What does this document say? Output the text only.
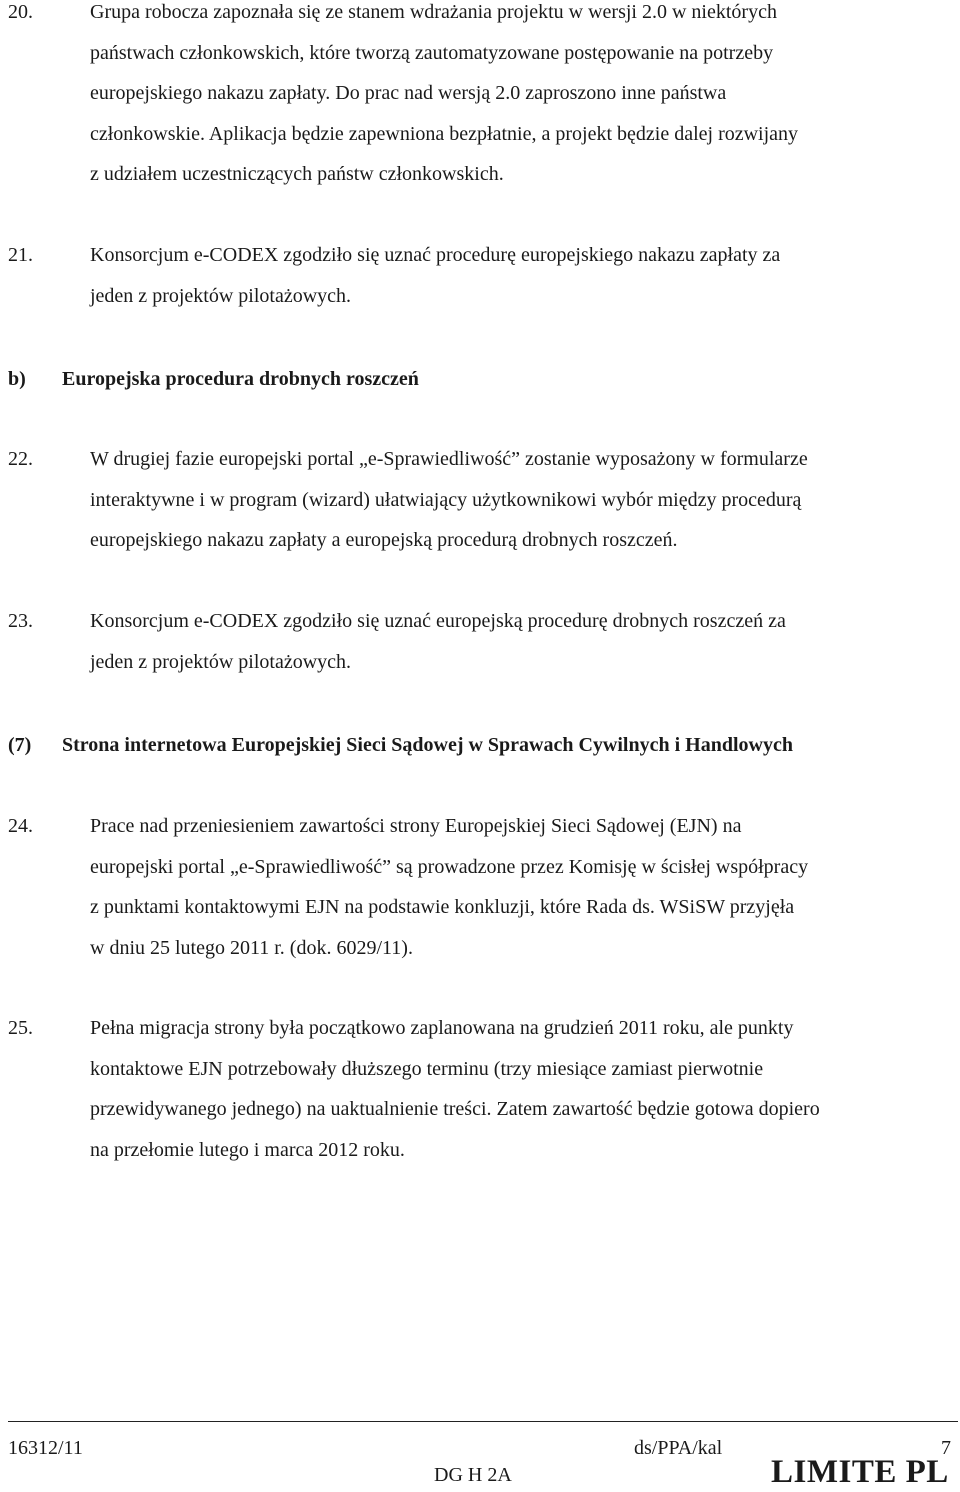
20.	Grupa robocza zapoznała się ze stanem wdrażania projektu w wersji 2.0 w niektórych
państwach członkowskich, które tworzą zautomatyzowane postępowanie na potrzeby
europejskiego nakazu zapłaty. Do prac nad wersją 2.0 zaproszono inne państwa
członkowskie. Aplikacja będzie zapewniona bezpłatnie, a projekt będzie dalej rozwijany
z udziałem uczestniczących państw członkowskich.
21.	Konsorcjum e-CODEX zgodziło się uznać procedurę europejskiego nakazu zapłaty za
jeden z projektów pilotażowych.
b) Europejska procedura drobnych roszczeń
22.	W drugiej fazie europejski portal „e-Sprawiedliwość” zostanie wyposażony w formularze
interaktywne i w program (wizard) ułatwiający użytkownikowi wybór między procedurą
europejskiego nakazu zapłaty a europejską procedurą drobnych roszczeń.
23.	Konsorcjum e-CODEX zgodziło się uznać europejską procedurę drobnych roszczeń za
jeden z projektów pilotażowych.
(7) Strona internetowa Europejskiej Sieci Sądowej w Sprawach Cywilnych i Handlowych
24.	Prace nad przeniesieniem zawartości strony Europejskiej Sieci Sądowej (EJN) na
europejski portal „e-Sprawiedliwość” są prowadzone przez Komisję w ścisłej współpracy
z punktami kontaktowymi EJN na podstawie konkluzji, które Rada ds. WSiSW przyjęła
w dniu 25 lutego 2011 r. (dok. 6029/11).
25.	Pełna migracja strony była początkowo zaplanowana na grudzień 2011 roku, ale punkty
kontaktowe EJN potrzebowały dłuższego terminu (trzy miesiące zamiast pierwotnie
przewidywanego jednego) na uaktualnienie treści. Zatem zawartość będzie gotowa dopiero
na przełomie lutego i marca 2012 roku.
16312/11	ds/PPA/kal	7
DG H 2A	LIMITE PL
